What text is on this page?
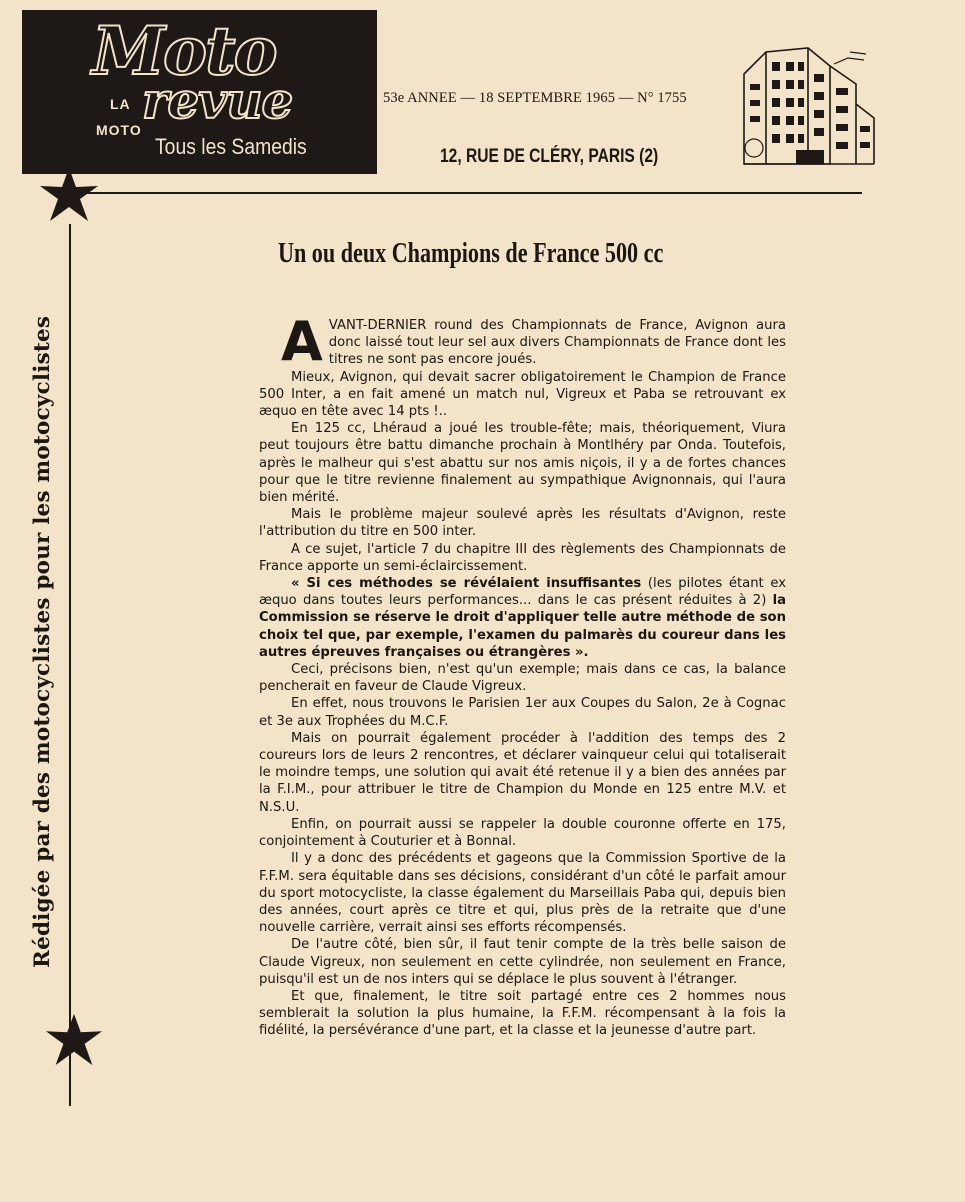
Moto
LA
MOTO revue
Tous les Samedis
53e ANNEE — 18 SEPTEMBRE 1965 — N° 1755
12, RUE DE CLÉRY, PARIS (2)
Rédigée par des motocyclistes pour les motocyclistes
Un ou deux Champions de France 500 cc

AVANT-DERNIER round des Championnats de France, Avignon aura donc laissé tout leur sel aux divers Championnats de France dont les titres ne sont pas encore joués.

Mieux, Avignon, qui devait sacrer obligatoirement le Champion de France 500 Inter, a en fait amené un match nul, Vigreux et Paba se retrouvant ex æquo en tête avec 14 pts !..

En 125 cc, Lhéraud a joué les trouble-fête; mais, théoriquement, Viura peut toujours être battu dimanche prochain à Montlhéry par Onda. Toutefois, après le malheur qui s'est abattu sur nos amis niçois, il y a de fortes chances pour que le titre revienne finalement au sympathique Avignonnais, qui l'aura bien mérité.

Mais le problème majeur soulevé après les résultats d'Avignon, reste l'attribution du titre en 500 inter.

A ce sujet, l'article 7 du chapitre III des règlements des Championnats de France apporte un semi-éclaircissement.

« Si ces méthodes se révélaient insuffisantes (les pilotes étant ex æquo dans toutes leurs performances... dans le cas présent réduites à 2) la Commission se réserve le droit d'appliquer telle autre méthode de son choix tel que, par exemple, l'examen du palmarès du coureur dans les autres épreuves françaises ou étrangères ».

Ceci, précisons bien, n'est qu'un exemple; mais dans ce cas, la balance pencherait en faveur de Claude Vigreux.

En effet, nous trouvons le Parisien 1er aux Coupes du Salon, 2e à Cognac et 3e aux Trophées du M.C.F.

Mais on pourrait également procéder à l'addition des temps des 2 coureurs lors de leurs 2 rencontres, et déclarer vainqueur celui qui totaliserait le moindre temps, une solution qui avait été retenue il y a bien des années par la F.I.M., pour attribuer le titre de Champion du Monde en 125 entre M.V. et N.S.U.

Enfin, on pourrait aussi se rappeler la double couronne offerte en 175, conjointement à Couturier et à Bonnal.

Il y a donc des précédents et gageons que la Commission Sportive de la F.F.M. sera équitable dans ses décisions, considérant d'un côté le parfait amour du sport motocycliste, la classe également du Marseillais Paba qui, depuis bien des années, court après ce titre et qui, plus près de la retraite que d'une nouvelle carrière, verrait ainsi ses efforts récompensés.

De l'autre côté, bien sûr, il faut tenir compte de la très belle saison de Claude Vigreux, non seulement en cette cylindrée, non seulement en France, puisqu'il est un de nos inters qui se déplace le plus souvent à l'étranger.

Et que, finalement, le titre soit partagé entre ces 2 hommes nous semblerait la solution la plus humaine, la F.F.M. récompensant à la fois la fidélité, la persévérance d'une part, et la classe et la jeunesse d'autre part.
